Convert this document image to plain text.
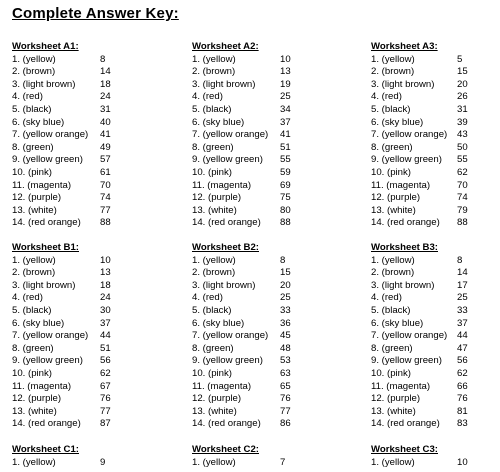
Complete Answer Key:
Worksheet A1:
1. (yellow)	8
2. (brown)	14
3. (light brown)	18
4. (red)	24
5. (black)	31
6. (sky blue)	40
7. (yellow orange) 41
8. (green)	49
9. (yellow green) 57
10. (pink)	61
11. (magenta)	70
12. (purple)	74
13. (white)	77
14. (red orange) 88
Worksheet A2:
1. (yellow)	10
2. (brown)	13
3. (light brown)	19
4. (red)	25
5. (black)	34
6. (sky blue)	37
7. (yellow orange) 41
8. (green)	51
9. (yellow green) 55
10. (pink)	59
11. (magenta)	69
12. (purple)	75
13. (white)	80
14. (red orange) 88
Worksheet A3:
1. (yellow)	5
2. (brown)	15
3. (light brown) 20
4. (red)	26
5. (black)	31
6. (sky blue)	39
7. (yellow orange) 43
8. (green)	50
9. (yellow green) 55
10. (pink)	62
11. (magenta)	70
12. (purple)	74
13. (white)	79
14. (red orange) 88
Worksheet B1:
1. (yellow)	10
2. (brown)	13
3. (light brown)	18
4. (red)	24
5. (black)	30
6. (sky blue)	37
7. (yellow orange) 44
8. (green)	51
9. (yellow green) 56
10. (pink)	62
11. (magenta)	67
12. (purple)	76
13. (white)	77
14. (red orange) 87
Worksheet B2:
1. (yellow)	8
2. (brown)	15
3. (light brown)	20
4. (red)	25
5. (black)	33
6. (sky blue)	36
7. (yellow orange) 45
8. (green)	48
9. (yellow green) 53
10. (pink)	63
11. (magenta)	65
12. (purple)	76
13. (white)	77
14. (red orange) 86
Worksheet B3:
1. (yellow)	8
2. (brown)	14
3. (light brown) 17
4. (red)	25
5. (black)	33
6. (sky blue)	37
7. (yellow orange) 44
8. (green)	47
9. (yellow green) 56
10. (pink)	62
11. (magenta)	66
12. (purple)	76
13. (white)	81
14. (red orange) 83
Worksheet C1:
1. (yellow)	9
Worksheet C2:
1. (yellow)	7
Worksheet C3:
1. (yellow)	10
